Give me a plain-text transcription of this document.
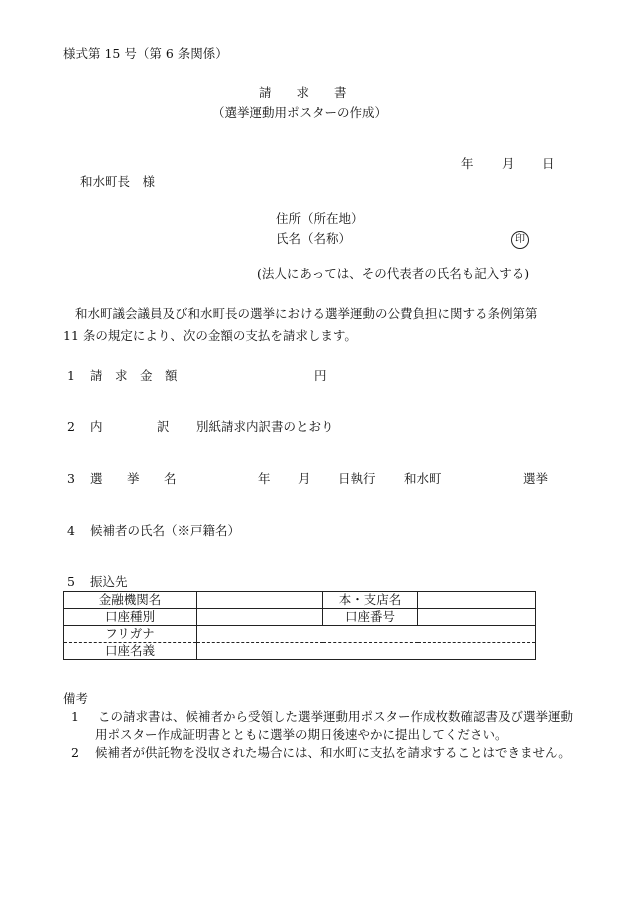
様式第 15 号（第 6 条関係）
請　　求　　書
（選挙運動用ポスターの作成）
年 月 日
和水町長　様
住所（所在地）
氏名（名称）	印
(法人にあっては、その代表者の氏名も記入する)

和水町議会議員及び和水町長の選挙における選挙運動の公費負担に関する条例第第

11 条の規定により、次の金額の支払を請求します。

1 請　求　金　額	円
2 内	訳 別紙請求内訳書のとおり
3 選 挙 名	年 月 日執行 和水町	選挙
4 候補者の氏名（※戸籍名）
5 振込先
金融機関名		本・支店名	
口座種別		口座番号	
フリガナ			
口座名義			
備考
1 この請求書は、候補者から受領した選挙運動用ポスター作成枚数確認書及び選挙運動用ポスター作成証明書とともに選挙の期日後速やかに提出してください。
2 候補者が供託物を没収された場合には、和水町に支払を請求することはできません。
